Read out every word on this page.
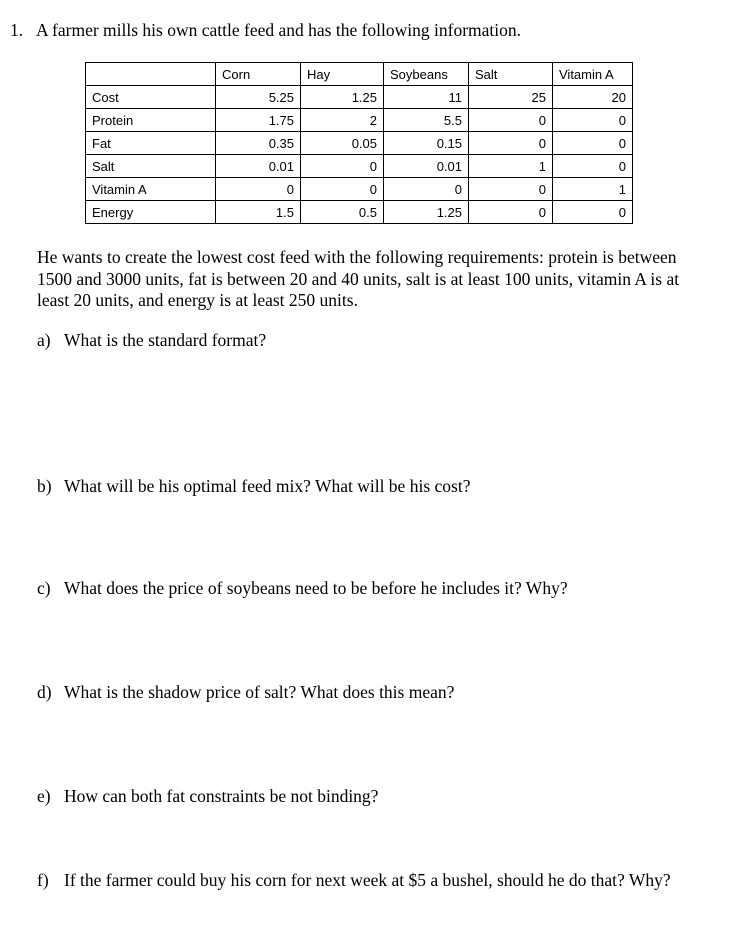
1. A farmer mills his own cattle feed and has the following information.
	Corn	Hay	Soybeans	Salt	Vitamin A
Cost	5.25	1.25	11	25	20
Protein	1.75	2	5.5	0	0
Fat	0.35	0.05	0.15	0	0
Salt	0.01	0	0.01	1	0
Vitamin A	0	0	0	0	1
Energy	1.5	0.5	1.25	0	0
He wants to create the lowest cost feed with the following requirements: protein is between 1500 and 3000 units, fat is between 20 and 40 units, salt is at least 100 units, vitamin A is at least 20 units, and energy is at least 250 units.
a) What is the standard format?
b) What will be his optimal feed mix? What will be his cost?
c) What does the price of soybeans need to be before he includes it? Why?
d) What is the shadow price of salt? What does this mean?
e) How can both fat constraints be not binding?
f) If the farmer could buy his corn for next week at $5 a bushel, should he do that? Why?
